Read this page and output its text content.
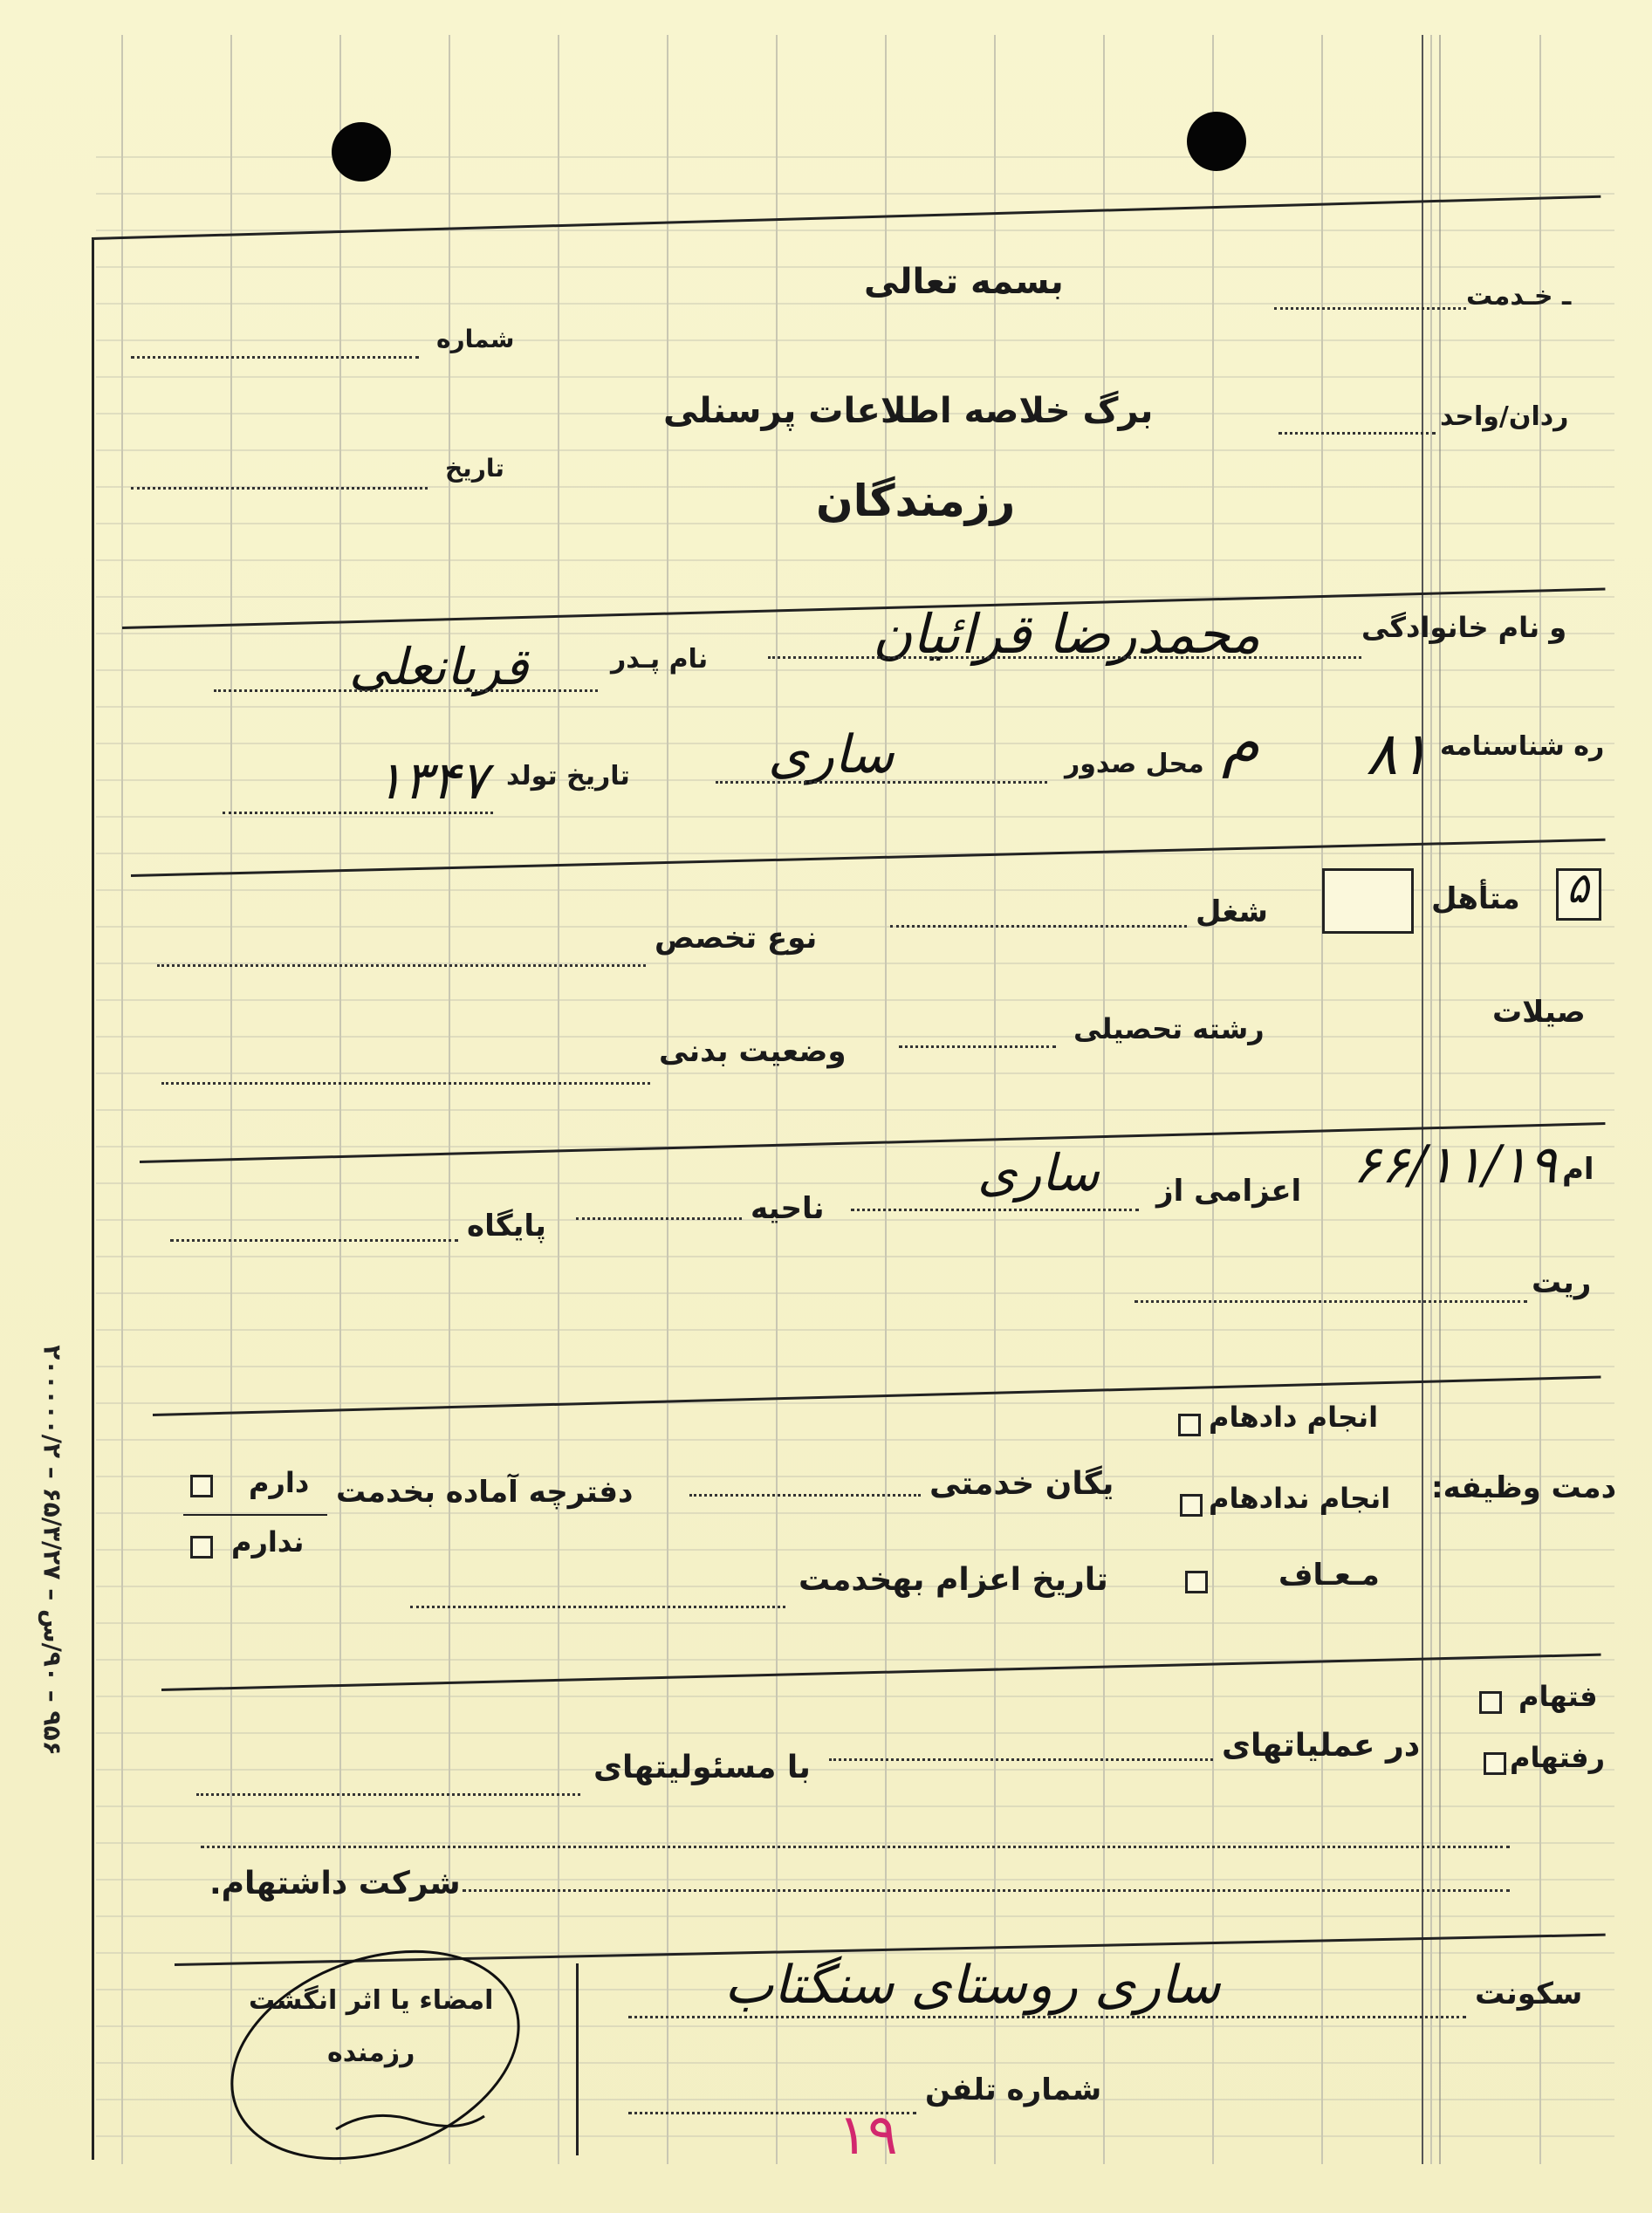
بسمه تعالی	ـ خـدمت
شماره
برگ خلاصه اطلاعات پرسنلی	ردان/واحد
تاریخ
رزمندگان
و نام خانوادگی
محمدرضا قرائیان
نام پـدر
قربانعلی
ره شناسنامه
۸۱
م
محل صدور
ساری
تاریخ تولد
۱۳۴۷
۵
متأهل
شغل
نوع تخصص
صیلات
رشته تحصیلی
وضعیت بدنی
ام
۶۶/۱۱/۱۹
اعزامی از
ساری
ناحیه
پایگاه
ریت
انجام دادهام
دمت وظیفه:
انجام ندادهام
مـعـاف
یگان خدمتی
دفترچه آماده بخدمت
دارم
ندارم
تاریخ اعزام بهخدمت
فتهام
رفتهام
در عملیاتهای
با مسئولیتهای
شرکت داشتهام.
سکونت
ساری روستای سنگتاب
شماره تلفن
۱۹
امضاء یا اثر انگشت
رزمنده
۹۵۶ – ۹۰/س – ۶۵/۳/۲۷ – ۲۰۰۰۰۰/۲
